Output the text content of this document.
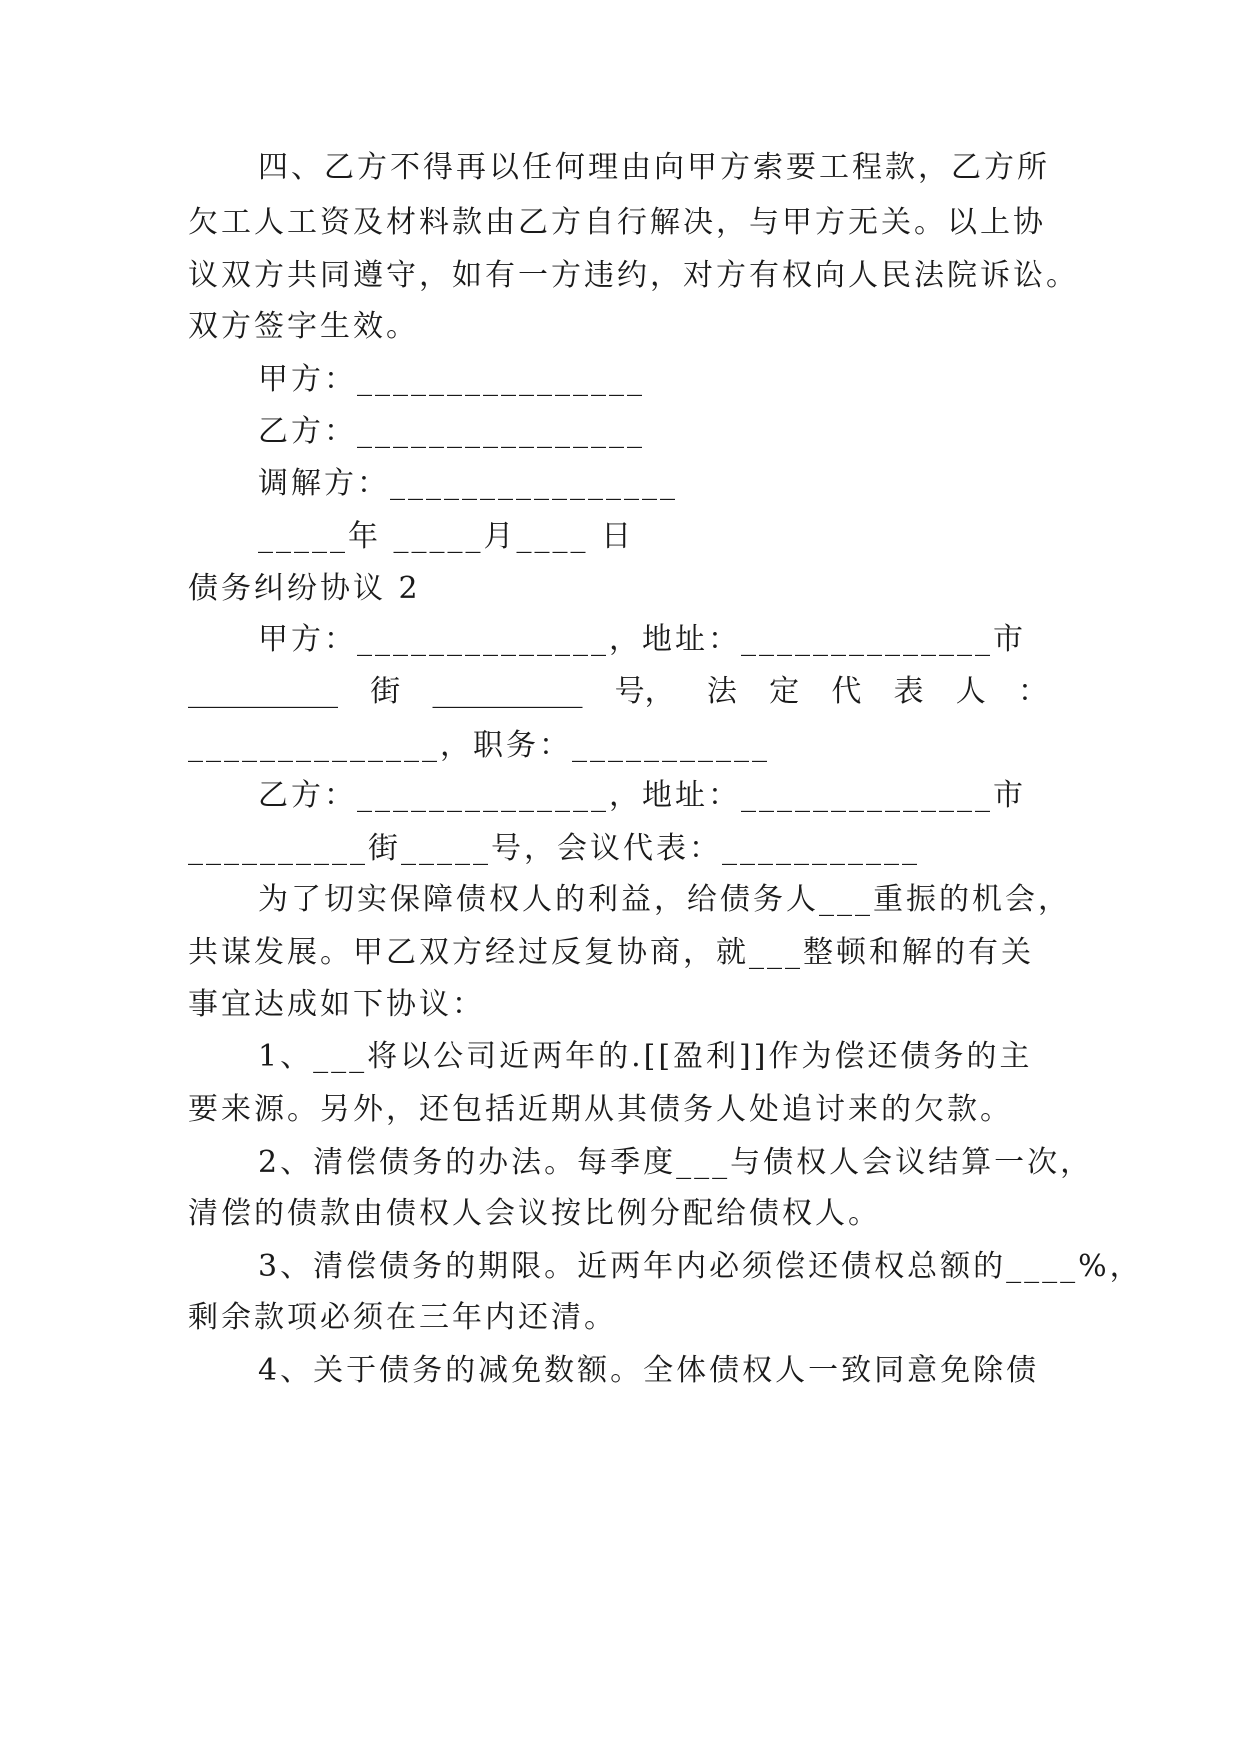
四、乙方不得再以任何理由向甲方索要工程款，乙方所

欠工人工资及材料款由乙方自行解决，与甲方无关。以上协

议双方共同遵守，如有一方违约，对方有权向人民法院诉讼。

双方签字生效。

甲方：________________

乙方：________________

调解方：________________

_____年 _____月____ 日

债务纠纷协议 2

甲方：______________，地址：______________市

__________ 街 __________ 号， 法 定 代 表 人 ：

______________，职务：___________

乙方：______________，地址：______________市

__________街_____号，会议代表：___________

为了切实保障债权人的利益，给债务人___重振的机会，

共谋发展。甲乙双方经过反复协商，就___整顿和解的有关

事宜达成如下协议：

1、___将以公司近两年的.[[盈利]]作为偿还债务的主

要来源。另外，还包括近期从其债务人处追讨来的欠款。

2、清偿债务的办法。每季度___与债权人会议结算一次，

清偿的债款由债权人会议按比例分配给债权人。

3、清偿债务的期限。近两年内必须偿还债权总额的____%，

剩余款项必须在三年内还清。

4、关于债务的减免数额。全体债权人一致同意免除债
